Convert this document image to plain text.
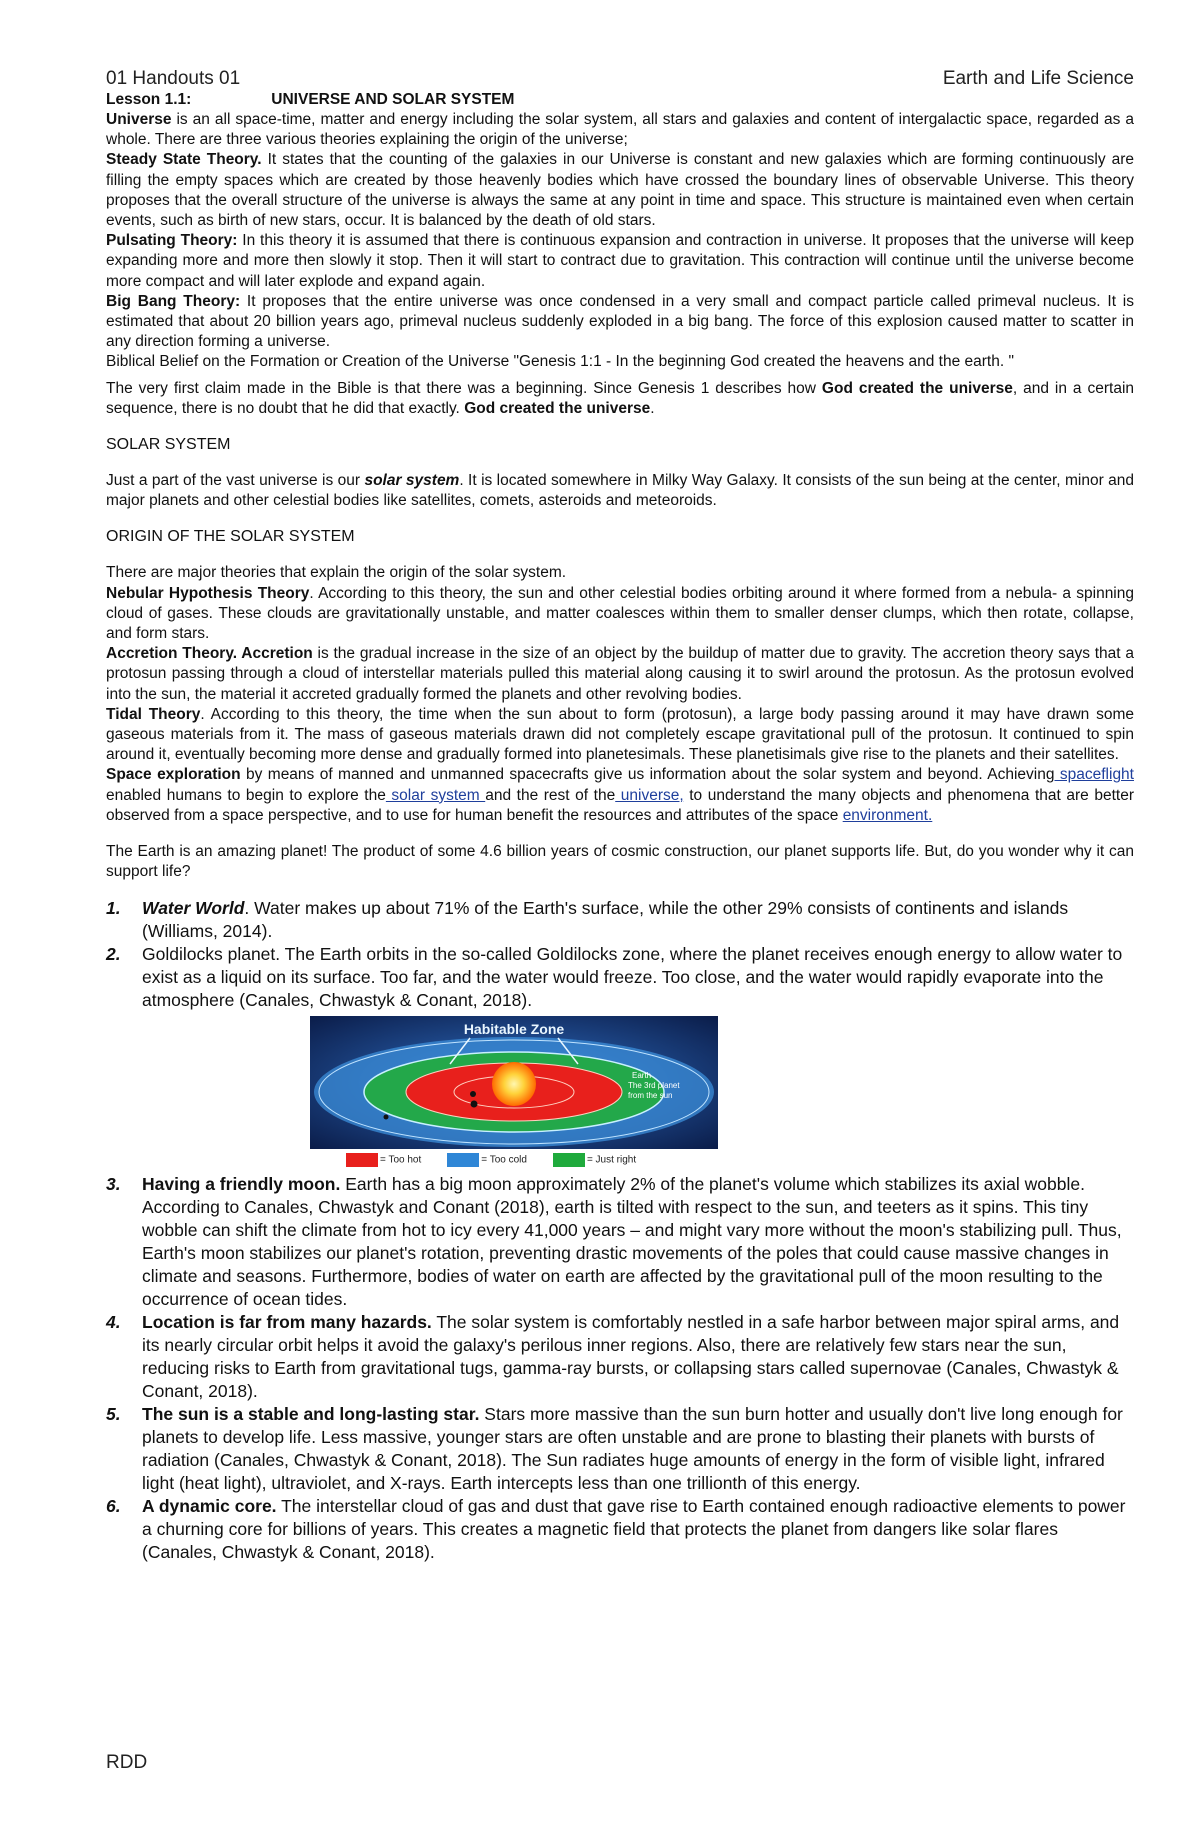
01 Handouts 01	Earth and Life Science
Lesson 1.1:	UNIVERSE AND SOLAR SYSTEM

Universe is an all space-time, matter and energy including the solar system, all stars and galaxies and content of intergalactic space, regarded as a whole. There are three various theories explaining the origin of the universe;

Steady State Theory. It states that the counting of the galaxies in our Universe is constant and new galaxies which are forming continuously are filling the empty spaces which are created by those heavenly bodies which have crossed the boundary lines of observable Universe. This theory proposes that the overall structure of the universe is always the same at any point in time and space. This structure is maintained even when certain events, such as birth of new stars, occur. It is balanced by the death of old stars.

Pulsating Theory: In this theory it is assumed that there is continuous expansion and contraction in universe. It proposes that the universe will keep expanding more and more then slowly it stop. Then it will start to contract due to gravitation. This contraction will continue until the universe become more compact and will later explode and expand again.

Big Bang Theory: It proposes that the entire universe was once condensed in a very small and compact particle called primeval nucleus. It is estimated that about 20 billion years ago, primeval nucleus suddenly exploded in a big bang. The force of this explosion caused matter to scatter in any direction forming a universe.

Biblical Belief on the Formation or Creation of the Universe "Genesis 1:1 - In the beginning God created the heavens and the earth. "

The very first claim made in the Bible is that there was a beginning. Since Genesis 1 describes how God created the universe, and in a certain sequence, there is no doubt that he did that exactly. God created the universe.

SOLAR SYSTEM

Just a part of the vast universe is our solar system. It is located somewhere in Milky Way Galaxy. It consists of the sun being at the center, minor and major planets and other celestial bodies like satellites, comets, asteroids and meteoroids.

ORIGIN OF THE SOLAR SYSTEM

There are major theories that explain the origin of the solar system.

Nebular Hypothesis Theory. According to this theory, the sun and other celestial bodies orbiting around it where formed from a nebula- a spinning cloud of gases. These clouds are gravitationally unstable, and matter coalesces within them to smaller denser clumps, which then rotate, collapse, and form stars.

Accretion Theory. Accretion is the gradual increase in the size of an object by the buildup of matter due to gravity. The accretion theory says that a protosun passing through a cloud of interstellar materials pulled this material along causing it to swirl around the protosun. As the protosun evolved into the sun, the material it accreted gradually formed the planets and other revolving bodies.

Tidal Theory. According to this theory, the time when the sun about to form (protosun), a large body passing around it may have drawn some gaseous materials from it. The mass of gaseous materials drawn did not completely escape gravitational pull of the protosun. It continued to spin around it, eventually becoming more dense and gradually formed into planetesimals. These planetisimals give rise to the planets and their satellites.

Space exploration by means of manned and unmanned spacecrafts give us information about the solar system and beyond. Achieving spaceflight enabled humans to begin to explore the solar system and the rest of the universe, to understand the many objects and phenomena that are better observed from a space perspective, and to use for human benefit the resources and attributes of the space environment.

The Earth is an amazing planet! The product of some 4.6 billion years of cosmic construction, our planet supports life. But, do you wonder why it can support life?

1. Water World. Water makes up about 71% of the Earth's surface, while the other 29% consists of continents and islands (Williams, 2014).
2. Goldilocks planet. The Earth orbits in the so-called Goldilocks zone, where the planet receives enough energy to allow water to exist as a liquid on its surface. Too far, and the water would freeze. Too close, and the water would rapidly evaporate into the atmosphere (Canales, Chwastyk & Conant, 2018).
Habitable Zone
Earth
The 3rd planet
from the sun
= Too hot	= Too cold	= Just right
3. Having a friendly moon. Earth has a big moon approximately 2% of the planet's volume which stabilizes its axial wobble. According to Canales, Chwastyk and Conant (2018), earth is tilted with respect to the sun, and teeters as it spins. This tiny wobble can shift the climate from hot to icy every 41,000 years – and might vary more without the moon's stabilizing pull. Thus, Earth's moon stabilizes our planet's rotation, preventing drastic movements of the poles that could cause massive changes in climate and seasons. Furthermore, bodies of water on earth are affected by the gravitational pull of the moon resulting to the occurrence of ocean tides.
4. Location is far from many hazards. The solar system is comfortably nestled in a safe harbor between major spiral arms, and its nearly circular orbit helps it avoid the galaxy's perilous inner regions. Also, there are relatively few stars near the sun, reducing risks to Earth from gravitational tugs, gamma-ray bursts, or collapsing stars called supernovae (Canales, Chwastyk & Conant, 2018).
5. The sun is a stable and long-lasting star. Stars more massive than the sun burn hotter and usually don't live long enough for planets to develop life. Less massive, younger stars are often unstable and are prone to blasting their planets with bursts of radiation (Canales, Chwastyk & Conant, 2018). The Sun radiates huge amounts of energy in the form of visible light, infrared light (heat light), ultraviolet, and X-rays. Earth intercepts less than one trillionth of this energy.
6. A dynamic core. The interstellar cloud of gas and dust that gave rise to Earth contained enough radioactive elements to power a churning core for billions of years. This creates a magnetic field that protects the planet from dangers like solar flares (Canales, Chwastyk & Conant, 2018).
RDD
